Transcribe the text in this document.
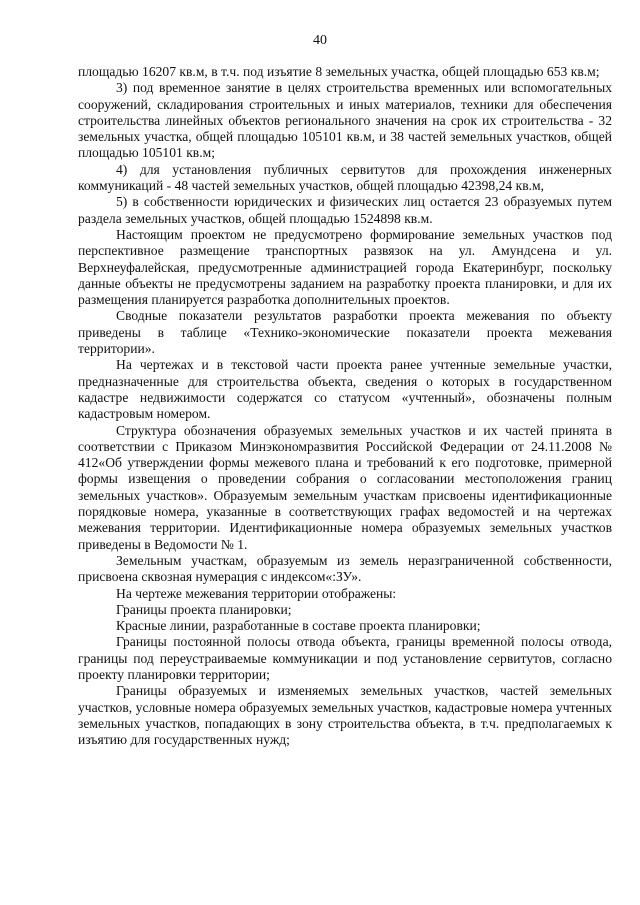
40

площадью 16207 кв.м, в т.ч. под изъятие 8 земельных участка, общей площадью 653 кв.м;

3) под временное занятие в целях строительства временных или вспомогательных сооружений, складирования строительных и иных материалов, техники для обеспечения строительства линейных объектов регионального значения на срок их строительства - 32 земельных участка, общей площадью 105101 кв.м, и 38 частей земельных участков, общей площадью 105101 кв.м;

4) для установления публичных сервитутов для прохождения инженерных коммуникаций - 48 частей земельных участков, общей площадью 42398,24 кв.м,

5) в собственности юридических и физических лиц остается 23 образуемых путем раздела земельных участков, общей площадью 1524898 кв.м.

Настоящим проектом не предусмотрено формирование земельных участков под перспективное размещение транспортных развязок на ул. Амундсена и ул. Верхнеуфалейская, предусмотренные администрацией города Екатеринбург, поскольку данные объекты не предусмотрены заданием на разработку проекта планировки, и для их размещения планируется разработка дополнительных проектов.

Сводные показатели результатов разработки проекта межевания по объекту приведены в таблице «Технико-экономические показатели проекта межевания территории».

На чертежах и в текстовой части проекта ранее учтенные земельные участки, предназначенные для строительства объекта, сведения о которых в государственном кадастре недвижимости содержатся со статусом «учтенный», обозначены полным кадастровым номером.

Структура обозначения образуемых земельных участков и их частей принята в соответствии с Приказом Минэкономразвития Российской Федерации от 24.11.2008 № 412«Об утверждении формы межевого плана и требований к его подготовке, примерной формы извещения о проведении собрания о согласовании местоположения границ земельных участков». Образуемым земельным участкам присвоены идентификационные порядковые номера, указанные в соответствующих графах ведомостей и на чертежах межевания территории. Идентификационные номера образуемых земельных участков приведены в Ведомости № 1.

Земельным участкам, образуемым из земель неразграниченной собственности, присвоена сквозная нумерация с индексом«:ЗУ».

На чертеже межевания территории отображены:

Границы проекта планировки;

Красные линии, разработанные в составе проекта планировки;

Границы постоянной полосы отвода объекта, границы временной полосы отвода, границы под переустраиваемые коммуникации и под установление сервитутов, согласно проекту планировки территории;

Границы образуемых и изменяемых земельных участков, частей земельных участков, условные номера образуемых земельных участков, кадастровые номера учтенных земельных участков, попадающих в зону строительства объекта, в т.ч. предполагаемых к изъятию для государственных нужд;
